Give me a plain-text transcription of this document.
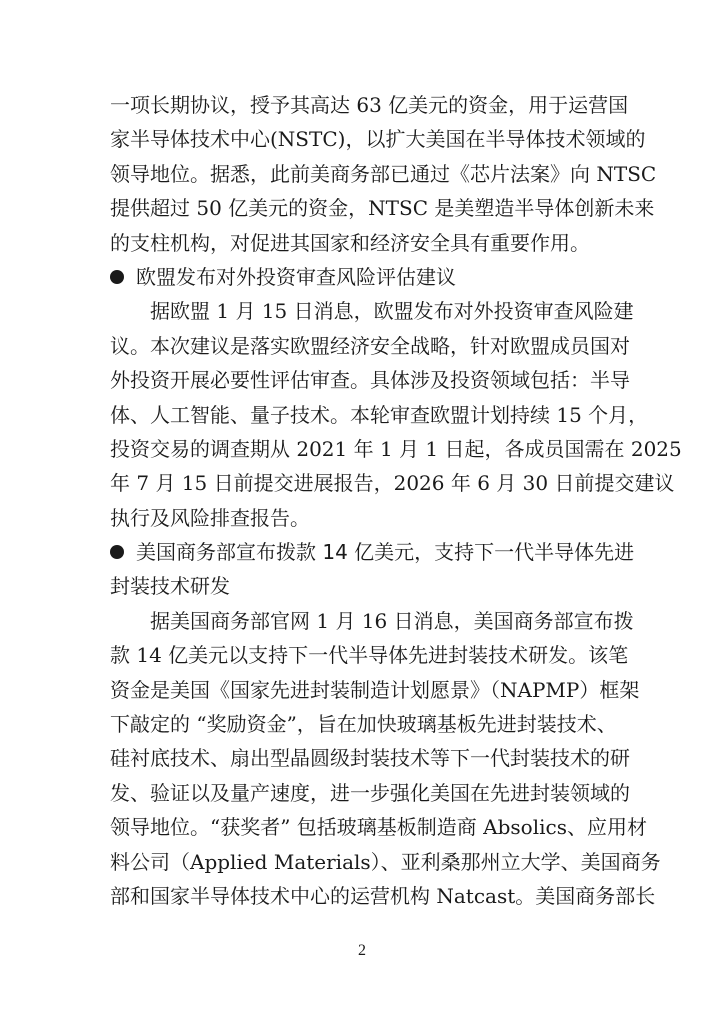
一项长期协议，授予其高达 63 亿美元的资金，用于运营国
家半导体技术中心(NSTC)，以扩大美国在半导体技术领域的
领导地位。据悉，此前美商务部已通过《芯片法案》向 NTSC
提供超过 50 亿美元的资金，NTSC 是美塑造半导体创新未来
的支柱机构，对促进其国家和经济安全具有重要作用。
欧盟发布对外投资审查风险评估建议
据欧盟 1 月 15 日消息，欧盟发布对外投资审查风险建
议。本次建议是落实欧盟经济安全战略，针对欧盟成员国对
外投资开展必要性评估审查。具体涉及投资领域包括：半导
体、人工智能、量子技术。本轮审查欧盟计划持续 15 个月，
投资交易的调查期从 2021 年 1 月 1 日起，各成员国需在 2025
年 7 月 15 日前提交进展报告，2026 年 6 月 30 日前提交建议
执行及风险排查报告。
美国商务部宣布拨款 14 亿美元，支持下一代半导体先进
封装技术研发
据美国商务部官网 1 月 16 日消息，美国商务部宣布拨
款 14 亿美元以支持下一代半导体先进封装技术研发。该笔
资金是美国《国家先进封装制造计划愿景》（NAPMP）框架
下敲定的 “奖励资金”，旨在加快玻璃基板先进封装技术、
硅衬底技术、扇出型晶圆级封装技术等下一代封装技术的研
发、验证以及量产速度，进一步强化美国在先进封装领域的
领导地位。“获奖者” 包括玻璃基板制造商 Absolics、应用材
料公司（Applied Materials）、亚利桑那州立大学、美国商务
部和国家半导体技术中心的运营机构 Natcast。美国商务部长
2
